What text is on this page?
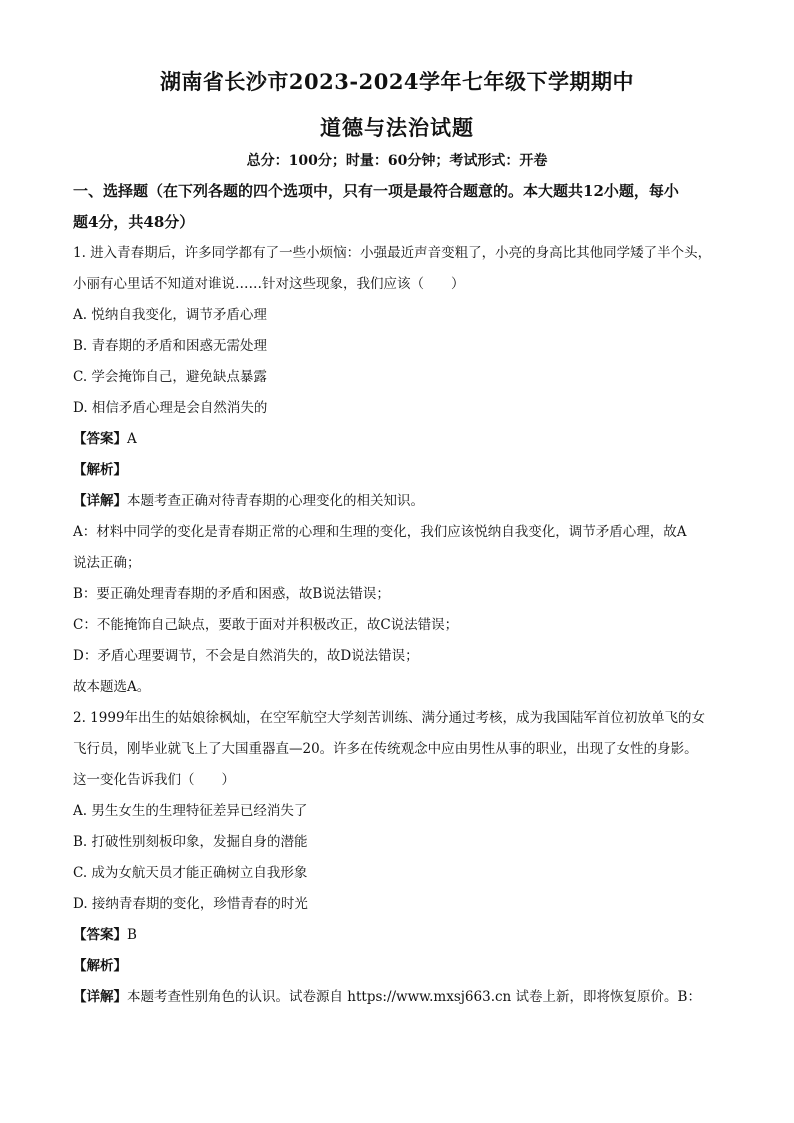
湖南省长沙市2023-2024学年七年级下学期期中
道德与法治试题
总分：100分；时量：60分钟；考试形式：开卷
一、选择题（在下列各题的四个选项中，只有一项是最符合题意的。本大题共12小题，每小
题4分，共48分）
1. 进入青春期后，许多同学都有了一些小烦恼：小强最近声音变粗了，小亮的身高比其他同学矮了半个头，
小丽有心里话不知道对谁说……针对这些现象，我们应该（　　）
A. 悦纳自我变化，调节矛盾心理
B. 青春期的矛盾和困惑无需处理
C. 学会掩饰自己，避免缺点暴露
D. 相信矛盾心理是会自然消失的
【答案】A
【解析】
【详解】本题考查正确对待青春期的心理变化的相关知识。
A：材料中同学的变化是青春期正常的心理和生理的变化，我们应该悦纳自我变化，调节矛盾心理，故A
说法正确；
B：要正确处理青春期的矛盾和困惑，故B说法错误；
C：不能掩饰自己缺点，要敢于面对并积极改正，故C说法错误；
D：矛盾心理要调节，不会是自然消失的，故D说法错误；
故本题选A。
2. 1999年出生的姑娘徐枫灿，在空军航空大学刻苦训练、满分通过考核，成为我国陆军首位初放单飞的女
飞行员，刚毕业就飞上了大国重器直—20。许多在传统观念中应由男性从事的职业，出现了女性的身影。
这一变化告诉我们（　　）
A. 男生女生的生理特征差异已经消失了
B. 打破性别刻板印象，发掘自身的潜能
C. 成为女航天员才能正确树立自我形象
D. 接纳青春期的变化，珍惜青春的时光
【答案】B
【解析】
【详解】本题考查性别角色的认识。试卷源自 https://www.mxsj663.cn 试卷上新，即将恢复原价。B：
